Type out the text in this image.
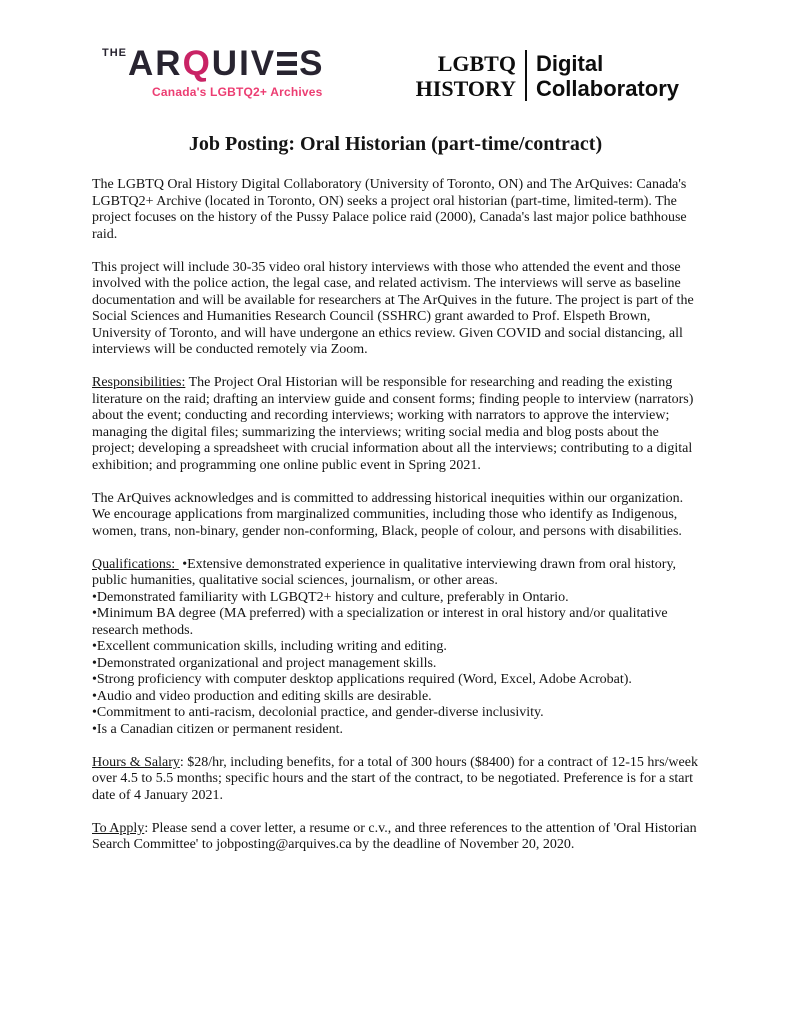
THE ARQUIV S
Canada's LGBTQ2+ Archives
LGBTQ
HISTORY
Digital
Collaboratory
Job Posting: Oral Historian (part-time/contract)

The LGBTQ Oral History Digital Collaboratory (University of Toronto, ON) and The ArQuives: Canada's LGBTQ2+ Archive (located in Toronto, ON) seeks a project oral historian (part-time, limited-term). The project focuses on the history of the Pussy Palace police raid (2000), Canada's last major police bathhouse raid.

This project will include 30-35 video oral history interviews with those who attended the event and those involved with the police action, the legal case, and related activism. The interviews will serve as baseline documentation and will be available for researchers at The ArQuives in the future. The project is part of the Social Sciences and Humanities Research Council (SSHRC) grant awarded to Prof. Elspeth Brown, University of Toronto, and will have undergone an ethics review. Given COVID and social distancing, all interviews will be conducted remotely via Zoom.

Responsibilities: The Project Oral Historian will be responsible for researching and reading the existing literature on the raid; drafting an interview guide and consent forms; finding people to interview (narrators) about the event; conducting and recording interviews; working with narrators to approve the interview; managing the digital files; summarizing the interviews; writing social media and blog posts about the project; developing a spreadsheet with crucial information about all the interviews; contributing to a digital exhibition; and programming one online public event in Spring 2021.

The ArQuives acknowledges and is committed to addressing historical inequities within our organization. We encourage applications from marginalized communities, including those who identify as Indigenous, women, trans, non-binary, gender non-conforming, Black, people of colour, and persons with disabilities.

Qualifications:  •Extensive demonstrated experience in qualitative interviewing drawn from oral history, public humanities, qualitative social sciences, journalism, or other areas.

•Demonstrated familiarity with LGBQT2+ history and culture, preferably in Ontario.
•Minimum BA degree (MA preferred) with a specialization or interest in oral history and/or qualitative research methods.
•Excellent communication skills, including writing and editing.
•Demonstrated organizational and project management skills.
•Strong proficiency with computer desktop applications required (Word, Excel, Adobe Acrobat).
•Audio and video production and editing skills are desirable.
•Commitment to anti-racism, decolonial practice, and gender-diverse inclusivity.
•Is a Canadian citizen or permanent resident.

Hours & Salary: $28/hr, including benefits, for a total of 300 hours ($8400) for a contract of 12-15 hrs/week over 4.5 to 5.5 months; specific hours and the start of the contract, to be negotiated. Preference is for a start date of 4 January 2021.

To Apply: Please send a cover letter, a resume or c.v., and three references to the attention of 'Oral Historian Search Committee' to jobposting@arquives.ca by the deadline of November 20, 2020.
